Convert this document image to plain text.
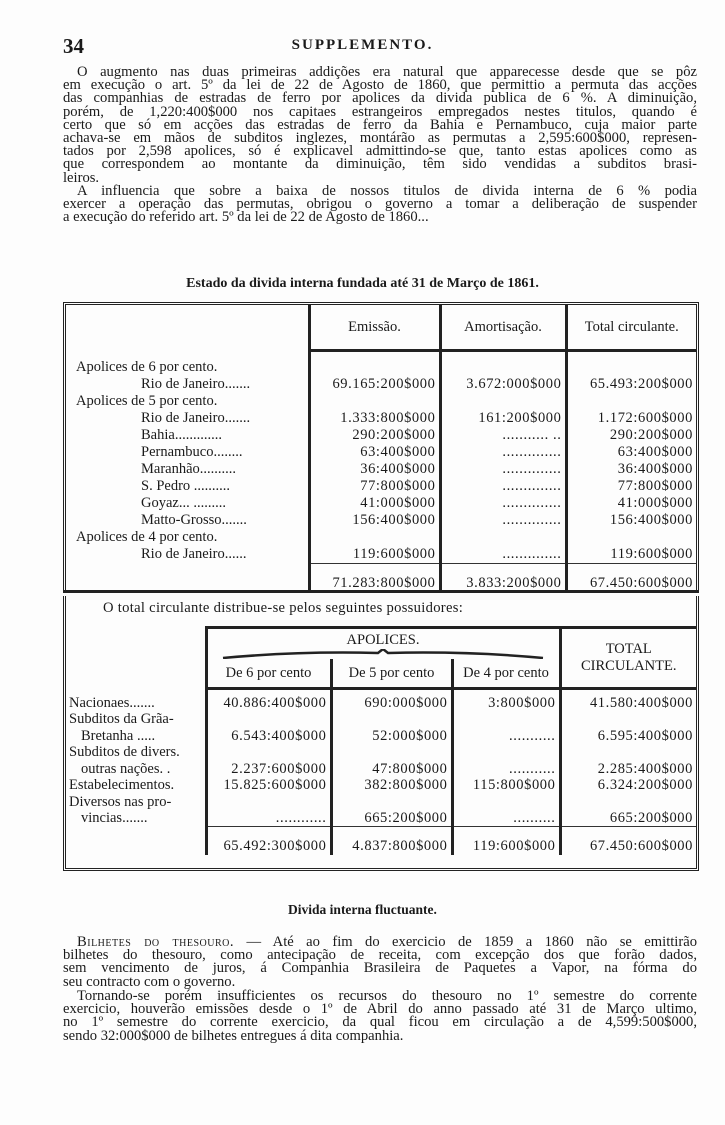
34	SUPPLEMENTO.
O augmento nas duas primeiras addições era natural que apparecesse desde que se pôz
em execução o art. 5º da lei de 22 de Agosto de 1860, que permittio a permuta das acções
das companhias de estradas de ferro por apolices da divida publica de 6 %. A diminuição,
porém, de 1,220:400$000 nos capitaes estrangeiros empregados nestes titulos, quando é
certo que só em acções das estradas de ferro da Bahia e Pernambuco, cuja maior parte
achava-se em mãos de subditos inglezes, montárão as permutas a 2,595:600$000, represen-
tados por 2,598 apolices, só é explicavel admittindo-se que, tanto estas apolices como as
que correspondem ao montante da diminuição, têm sido vendidas a subditos brasi-
leiros.
A influencia que sobre a baixa de nossos titulos de divida interna de 6 % podia
exercer a operação das permutas, obrigou o governo a tomar a deliberação de suspender
a execução do referido art. 5º da lei de 22 de Agosto de 1860...
Estado da divida interna fundada até 31 de Março de 1861.
	Emissão.	Amortisação.	Total circulante.

Apolices de 6 por cento.			
Rio de Janeiro.......	69.165:200$000	3.672:000$000	65.493:200$000
Apolices de 5 por cento.			
Rio de Janeiro.......	1.333:800$000	161:200$000	1.172:600$000
Bahia.............	290:200$000	........... ..	290:200$000
Pernambuco........	63:400$000	..............	63:400$000
Maranhão..........	36:400$000	..............	36:400$000
S. Pedro ..........	77:800$000	..............	77:800$000
Goyaz... .........	41:000$000	..............	41:000$000
Matto-Grosso.......	156:400$000	..............	156:400$000
Apolices de 4 por cento.			
Rio de Janeiro......	119:600$000	..............	119:600$000
	71.283:800$000	3.833:200$000	67.450:600$000
O total circulante distribue-se pelos seguintes possuidores:
	APOLICES.			TOTAL
CIRCULANTE.

	De 6 por cento	De 5 por cento	De 4 por cento	

Nacionaes.......	40.886:400$000	690:000$000	3:800$000	41.580:400$000

Subditos da Grãa-
Bretanha .....	6.543:400$000	52:000$000	...........	6.595:400$000

Subditos de divers.
outras nações. .	2.237:600$000	47:800$000	...........	2.285:400$000

Estabelecimentos.	15.825:600$000	382:800$000	115:800$000	6.324:200$000

Diversos nas pro-
vincias.......	............	665:200$000	..........	665:200$000
	65.492:300$000	4.837:800$000	119:600$000	67.450:600$000
Divida interna fluctuante.
Bilhetes do thesouro. — Até ao fim do exercicio de 1859 a 1860 não se emittirão
bilhetes do thesouro, como antecipação de receita, com excepção dos que forão dados,
sem vencimento de juros, á Companhia Brasileira de Paquetes a Vapor, na fórma do
seu contracto com o governo.
Tornando-se porém insufficientes os recursos do thesouro no 1º semestre do corrente
exercicio, houverão emissões desde o 1º de Abril do anno passado até 31 de Março ultimo,
no 1º semestre do corrente exercicio, da qual ficou em circulação a de 4,599:500$000,
sendo 32:000$000 de bilhetes entregues á dita companhia.
